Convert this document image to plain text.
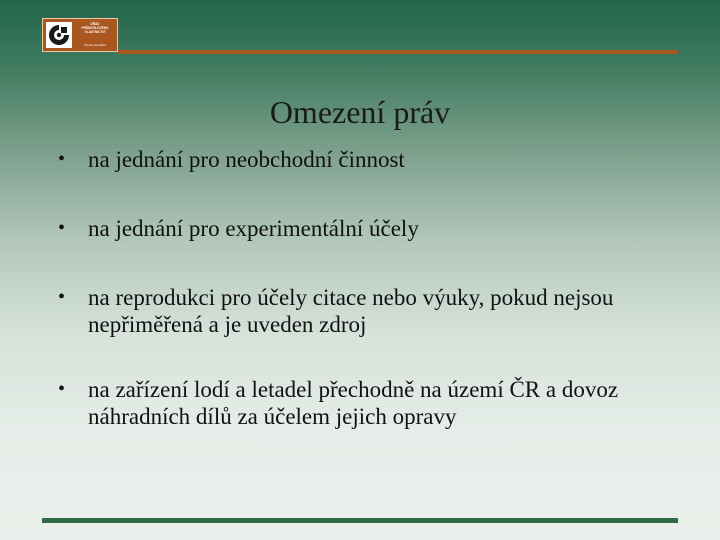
ÚŘAD
PRŮMYSLOVÉHO
VLASTNICTVÍ
Česká republika
Omezení práv
• na jednání pro neobchodní činnost
• na jednání pro experimentální účely
• na reprodukci pro účely citace nebo výuky, pokud nejsou nepřiměřená a je uveden zdroj
• na zařízení lodí a letadel přechodně na území ČR a dovoz náhradních dílů za účelem jejich opravy
